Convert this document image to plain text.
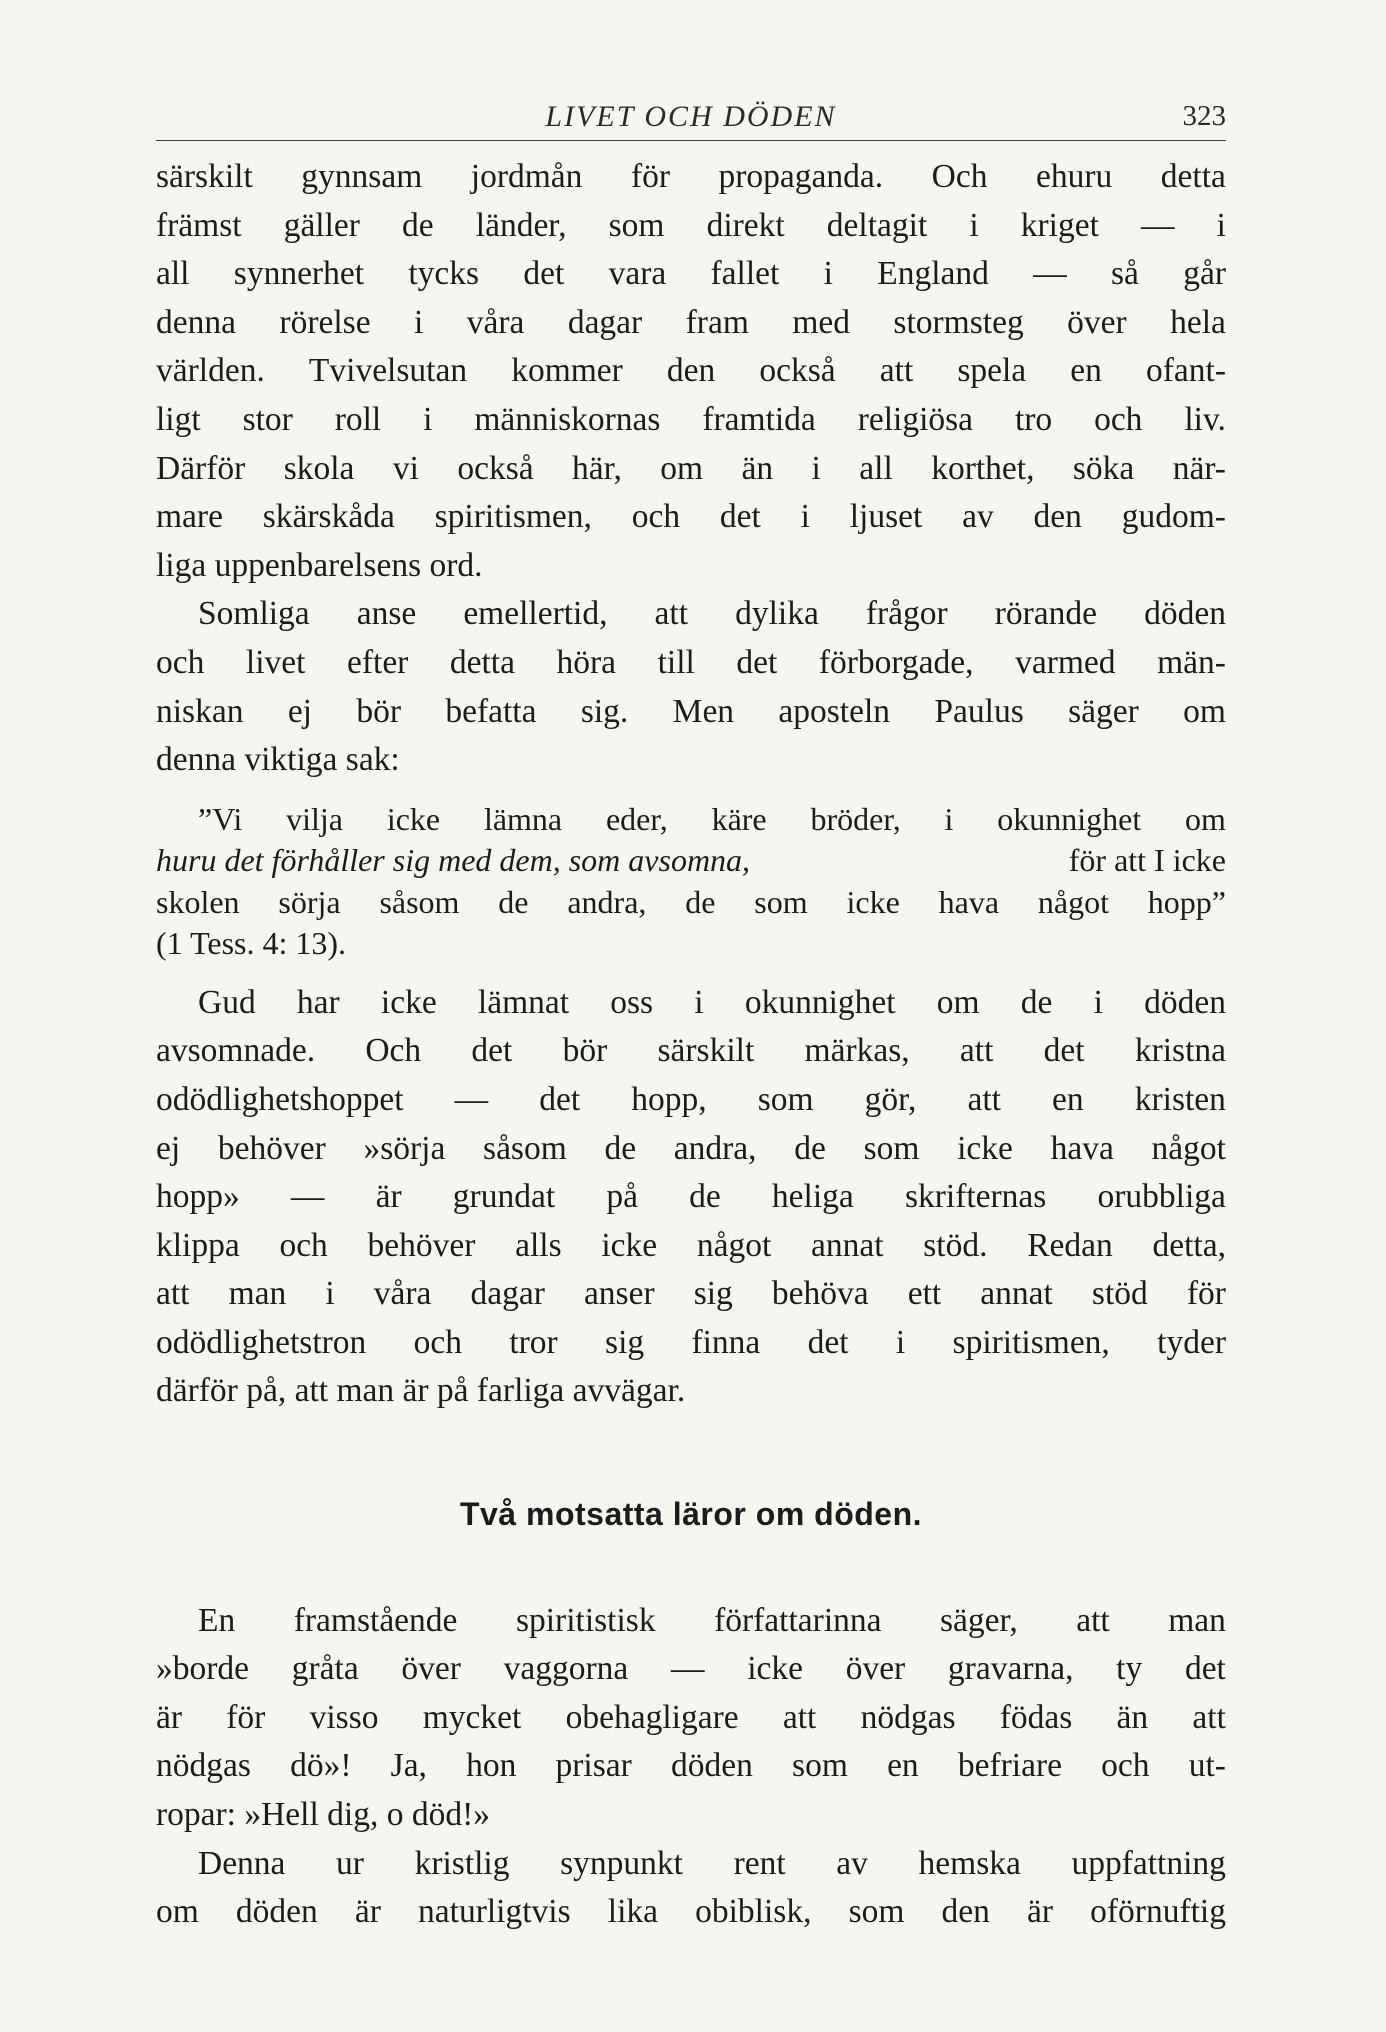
LIVET OCH DÖDEN	323
särskilt gynnsam jordmån för propaganda. Och ehuru detta
främst gäller de länder, som direkt deltagit i kriget — i
all synnerhet tycks det vara fallet i England — så går
denna rörelse i våra dagar fram med stormsteg över hela
världen. Tvivelsutan kommer den också att spela en ofant-
ligt stor roll i människornas framtida religiösa tro och liv.
Därför skola vi också här, om än i all korthet, söka när-
mare skärskåda spiritismen, och det i ljuset av den gudom-
liga uppenbarelsens ord.
Somliga anse emellertid, att dylika frågor rörande döden
och livet efter detta höra till det förborgade, varmed män-
niskan ej bör befatta sig. Men aposteln Paulus säger om
denna viktiga sak:
”Vi vilja icke lämna eder, käre bröder, i okunnighet om
huru det förhåller sig med dem, som avsomna,	för att I icke
skolen sörja såsom de andra, de som icke hava något hopp”
(1 Tess. 4: 13).
Gud har icke lämnat oss i okunnighet om de i döden
avsomnade. Och det bör särskilt märkas, att det kristna
odödlighetshoppet — det hopp, som gör, att en kristen
ej behöver »sörja såsom de andra, de som icke hava något
hopp» — är grundat på de heliga skrifternas orubbliga
klippa och behöver alls icke något annat stöd. Redan detta,
att man i våra dagar anser sig behöva ett annat stöd för
odödlighetstron och tror sig finna det i spiritismen, tyder
därför på, att man är på farliga avvägar.
Två motsatta läror om döden.
En framstående spiritistisk författarinna säger, att man
»borde gråta över vaggorna — icke över gravarna, ty det
är för visso mycket obehagligare att nödgas födas än att
nödgas dö»! Ja, hon prisar döden som en befriare och ut-
ropar: »Hell dig, o död!»
Denna ur kristlig synpunkt rent av hemska uppfattning
om döden är naturligtvis lika obiblisk, som den är oförnuftig
